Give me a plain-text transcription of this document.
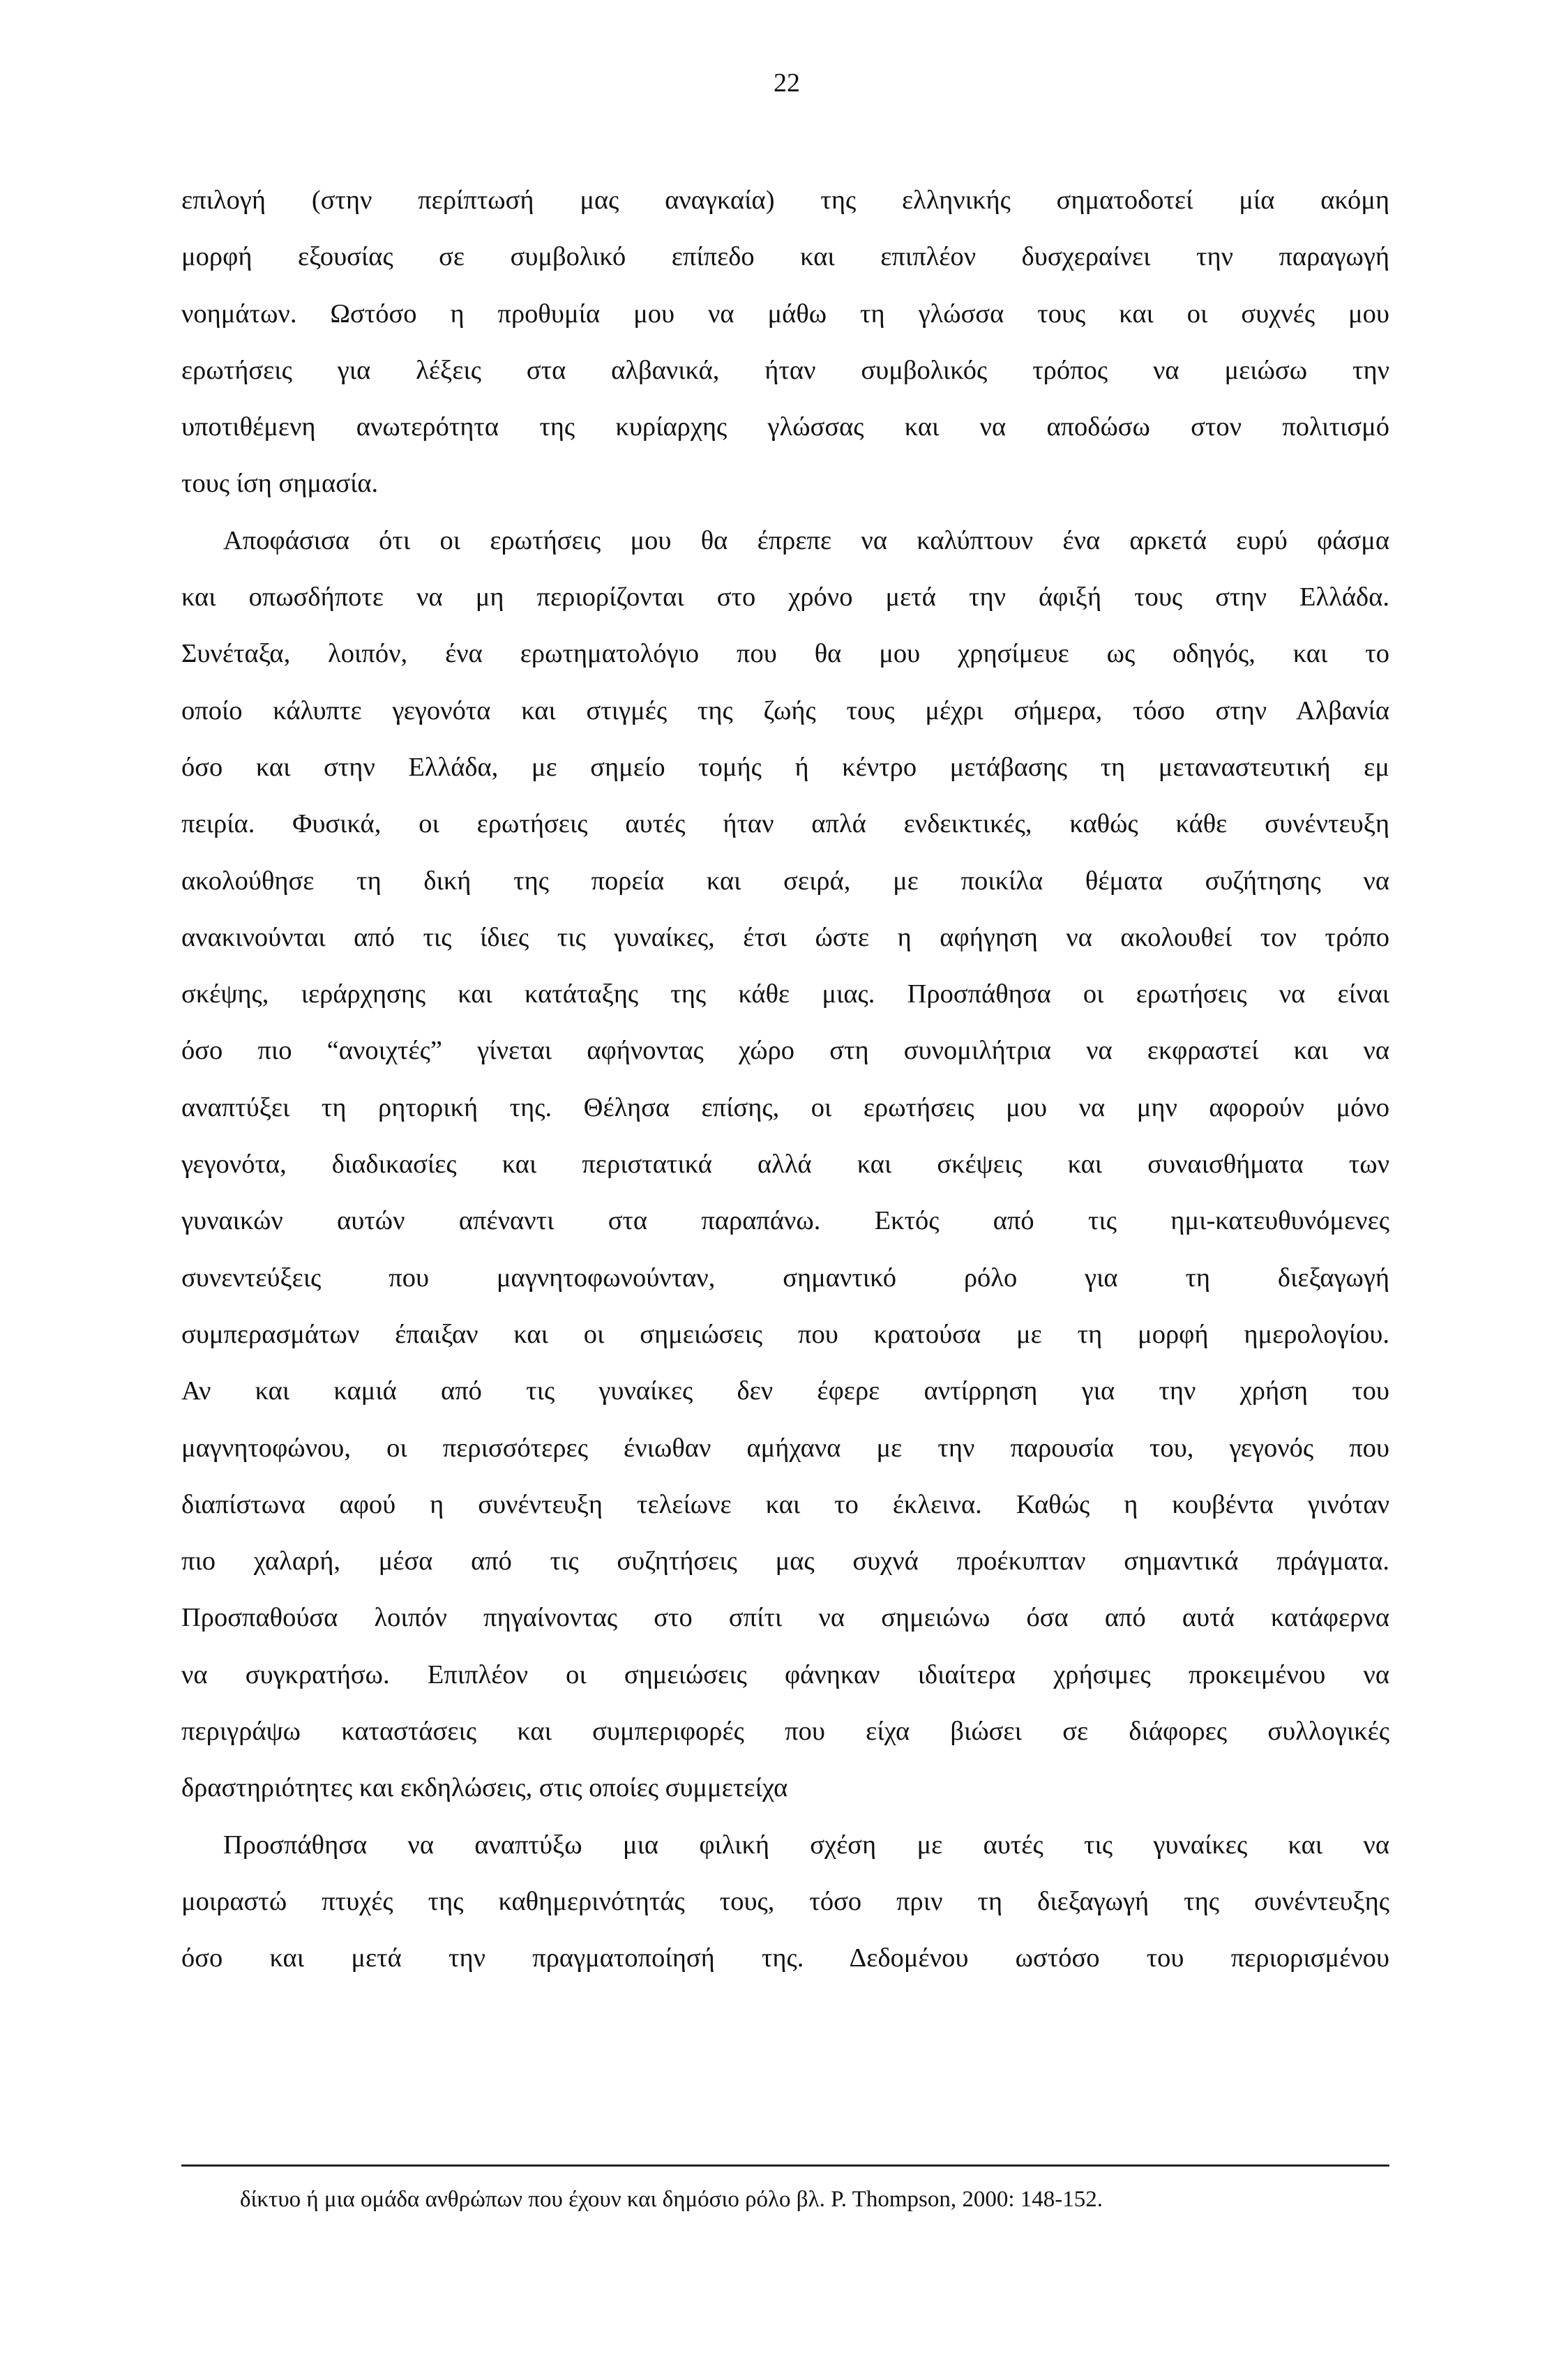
22
επιλογή (στην περίπτωσή μας αναγκαία) της ελληνικής σηματοδοτεί μία ακόμη
μορφή εξουσίας σε συμβολικό επίπεδο και επιπλέον δυσχεραίνει την παραγωγή
νοημάτων. Ωστόσο η προθυμία μου να μάθω τη γλώσσα τους και οι συχνές μου
ερωτήσεις για λέξεις στα αλβανικά, ήταν συμβολικός τρόπος να μειώσω την
υποτιθέμενη ανωτερότητα της κυρίαρχης γλώσσας και να αποδώσω στον πολιτισμό
τους ίση σημασία.
Αποφάσισα ότι οι ερωτήσεις μου θα έπρεπε να καλύπτουν ένα αρκετά ευρύ φάσμα
και οπωσδήποτε να μη περιορίζονται στο χρόνο μετά την άφιξή τους στην Ελλάδα.
Συνέταξα, λοιπόν, ένα ερωτηματολόγιο που θα μου χρησίμευε ως οδηγός, και το
οποίο κάλυπτε γεγονότα και στιγμές της ζωής τους μέχρι σήμερα, τόσο στην Αλβανία
όσο και στην Ελλάδα, με σημείο τομής ή κέντρο μετάβασης τη μεταναστευτική εμ
πειρία. Φυσικά, οι ερωτήσεις αυτές ήταν απλά ενδεικτικές, καθώς κάθε συνέντευξη
ακολούθησε τη δική της πορεία και σειρά, με ποικίλα θέματα συζήτησης να
ανακινούνται από τις ίδιες τις γυναίκες, έτσι ώστε η αφήγηση να ακολουθεί τον τρόπο
σκέψης, ιεράρχησης και κατάταξης της κάθε μιας. Προσπάθησα οι ερωτήσεις να είναι
όσο πιο “ανοιχτές” γίνεται αφήνοντας χώρο στη συνομιλήτρια να εκφραστεί και να
αναπτύξει τη ρητορική της. Θέλησα επίσης, οι ερωτήσεις μου να μην αφορούν μόνο
γεγονότα, διαδικασίες και περιστατικά αλλά και σκέψεις και συναισθήματα των
γυναικών αυτών απέναντι στα παραπάνω. Εκτός από τις ημι-κατευθυνόμενες
συνεντεύξεις που μαγνητοφωνούνταν, σημαντικό ρόλο για τη διεξαγωγή
συμπερασμάτων έπαιξαν και οι σημειώσεις που κρατούσα με τη μορφή ημερολογίου.
Αν και καμιά από τις γυναίκες δεν έφερε αντίρρηση για την χρήση του
μαγνητοφώνου, οι περισσότερες ένιωθαν αμήχανα με την παρουσία του, γεγονός που
διαπίστωνα αφού η συνέντευξη τελείωνε και το έκλεινα. Καθώς η κουβέντα γινόταν
πιο χαλαρή, μέσα από τις συζητήσεις μας συχνά προέκυπταν σημαντικά πράγματα.
Προσπαθούσα λοιπόν πηγαίνοντας στο σπίτι να σημειώνω όσα από αυτά κατάφερνα
να συγκρατήσω. Επιπλέον οι σημειώσεις φάνηκαν ιδιαίτερα χρήσιμες προκειμένου να
περιγράψω καταστάσεις και συμπεριφορές που είχα βιώσει σε διάφορες συλλογικές
δραστηριότητες και εκδηλώσεις, στις οποίες συμμετείχα
Προσπάθησα να αναπτύξω μια φιλική σχέση με αυτές τις γυναίκες και να
μοιραστώ πτυχές της καθημερινότητάς τους, τόσο πριν τη διεξαγωγή της συνέντευξης
όσο και μετά την πραγματοποίησή της. Δεδομένου ωστόσο του περιορισμένου
δίκτυο ή μια ομάδα ανθρώπων που έχουν και δημόσιο ρόλο βλ. P. Thompson, 2000: 148-152.
